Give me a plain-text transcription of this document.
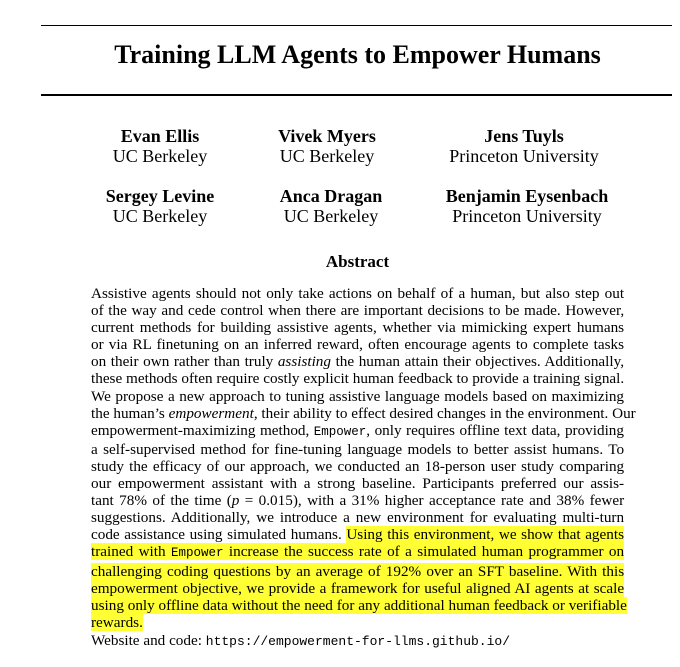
Training LLM Agents to Empower Humans
Evan Ellis
UC Berkeley
Vivek Myers
UC Berkeley
Jens Tuyls
Princeton University
Sergey Levine
UC Berkeley
Anca Dragan
UC Berkeley
Benjamin Eysenbach
Princeton University
Abstract
Assistive agents should not only take actions on behalf of a human, but also step out
of the way and cede control when there are important decisions to be made. However,
current methods for building assistive agents, whether via mimicking expert humans
or via RL finetuning on an inferred reward, often encourage agents to complete tasks
on their own rather than truly assisting the human attain their objectives. Additionally,
these methods often require costly explicit human feedback to provide a training signal.
We propose a new approach to tuning assistive language models based on maximizing
the human’s empowerment, their ability to effect desired changes in the environment. Our
empowerment-maximizing method, Empower, only requires offline text data, providing
a self-supervised method for fine-tuning language models to better assist humans. To
study the efficacy of our approach, we conducted an 18-person user study comparing
our empowerment assistant with a strong baseline. Participants preferred our assis-
tant 78% of the time (p = 0.015), with a 31% higher acceptance rate and 38% fewer
suggestions. Additionally, we introduce a new environment for evaluating multi-turn
code assistance using simulated humans. Using this environment, we show that agents
trained with Empower increase the success rate of a simulated human programmer on
challenging coding questions by an average of 192% over an SFT baseline. With this
empowerment objective, we provide a framework for useful aligned AI agents at scale
using only offline data without the need for any additional human feedback or verifiable
rewards.
Website and code: https://empowerment-for-llms.github.io/
